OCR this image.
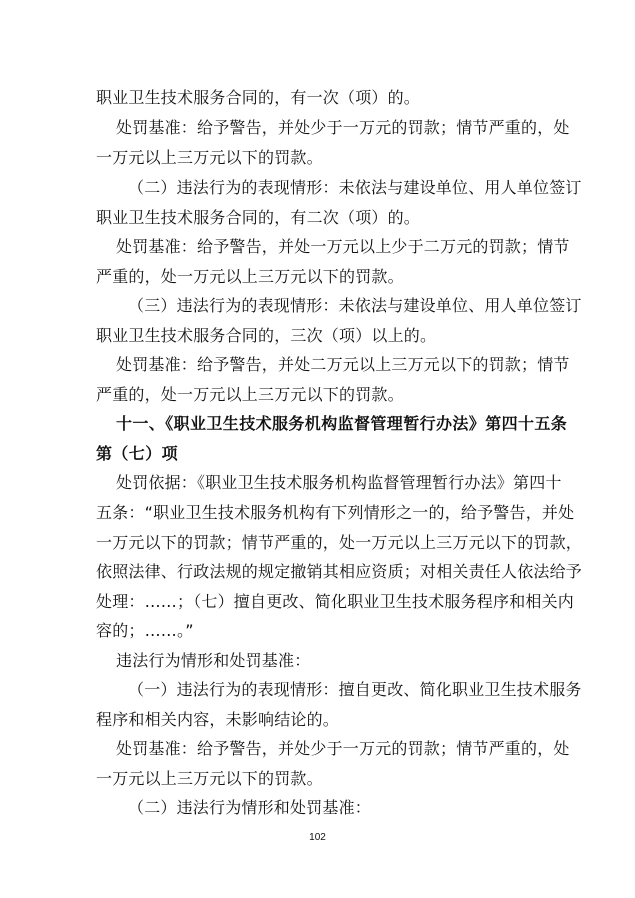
职业卫生技术服务合同的，有一次（项）的。
处罚基准：给予警告，并处少于一万元的罚款；情节严重的，处
一万元以上三万元以下的罚款。
（二）违法行为的表现情形：未依法与建设单位、用人单位签订
职业卫生技术服务合同的，有二次（项）的。
处罚基准：给予警告，并处一万元以上少于二万元的罚款；情节
严重的，处一万元以上三万元以下的罚款。
（三）违法行为的表现情形：未依法与建设单位、用人单位签订
职业卫生技术服务合同的，三次（项）以上的。
处罚基准：给予警告，并处二万元以上三万元以下的罚款；情节
严重的，处一万元以上三万元以下的罚款。
十一、《职业卫生技术服务机构监督管理暂行办法》第四十五条
第（七）项
处罚依据：《职业卫生技术服务机构监督管理暂行办法》第四十
五条：“职业卫生技术服务机构有下列情形之一的，给予警告，并处
一万元以下的罚款；情节严重的，处一万元以上三万元以下的罚款，
依照法律、行政法规的规定撤销其相应资质；对相关责任人依法给予
处理：……；（七）擅自更改、简化职业卫生技术服务程序和相关内
容的；……。”
违法行为情形和处罚基准：
（一）违法行为的表现情形：擅自更改、简化职业卫生技术服务
程序和相关内容，未影响结论的。
处罚基准：给予警告，并处少于一万元的罚款；情节严重的，处
一万元以上三万元以下的罚款。
（二）违法行为情形和处罚基准：
102
